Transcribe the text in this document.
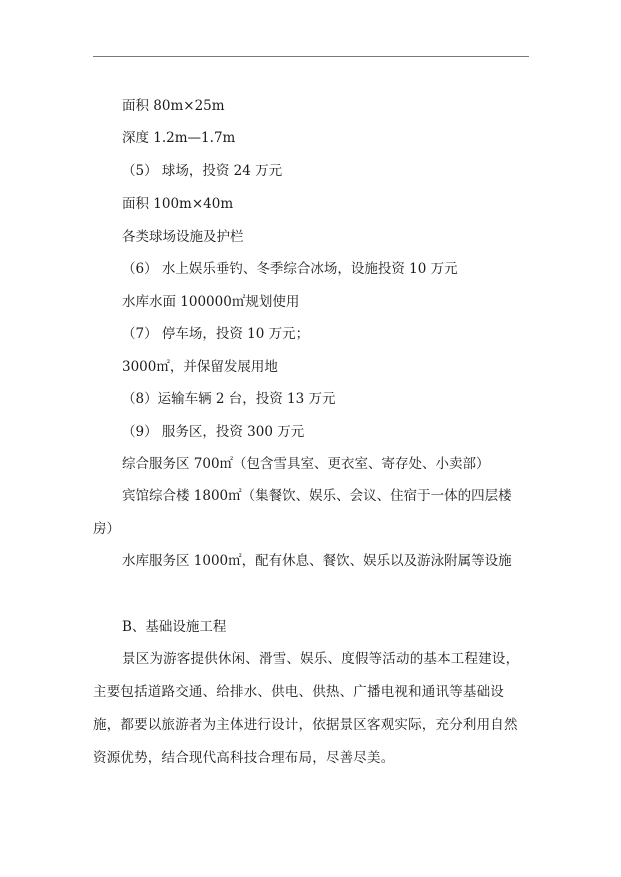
面积 80m×25m
深度 1.2m—1.7m
（5） 球场，投资 24 万元
面积 100m×40m
各类球场设施及护栏
（6） 水上娱乐垂钓、冬季综合冰场，设施投资 10 万元
水库水面 100000㎡规划使用
（7） 停车场，投资 10 万元；
3000㎡，并保留发展用地
（8）运输车辆 2 台，投资 13 万元
（9） 服务区，投资 300 万元
综合服务区 700㎡（包含雪具室、更衣室、寄存处、小卖部）
宾馆综合楼 1800㎡（集餐饮、娱乐、会议、住宿于一体的四层楼房）
水库服务区 1000㎡，配有休息、餐饮、娱乐以及游泳附属等设施
B、基础设施工程
景区为游客提供休闲、滑雪、娱乐、度假等活动的基本工程建设，主要包括道路交通、给排水、供电、供热、广播电视和通讯等基础设施，都要以旅游者为主体进行设计，依据景区客观实际，充分利用自然资源优势，结合现代高科技合理布局，尽善尽美。
